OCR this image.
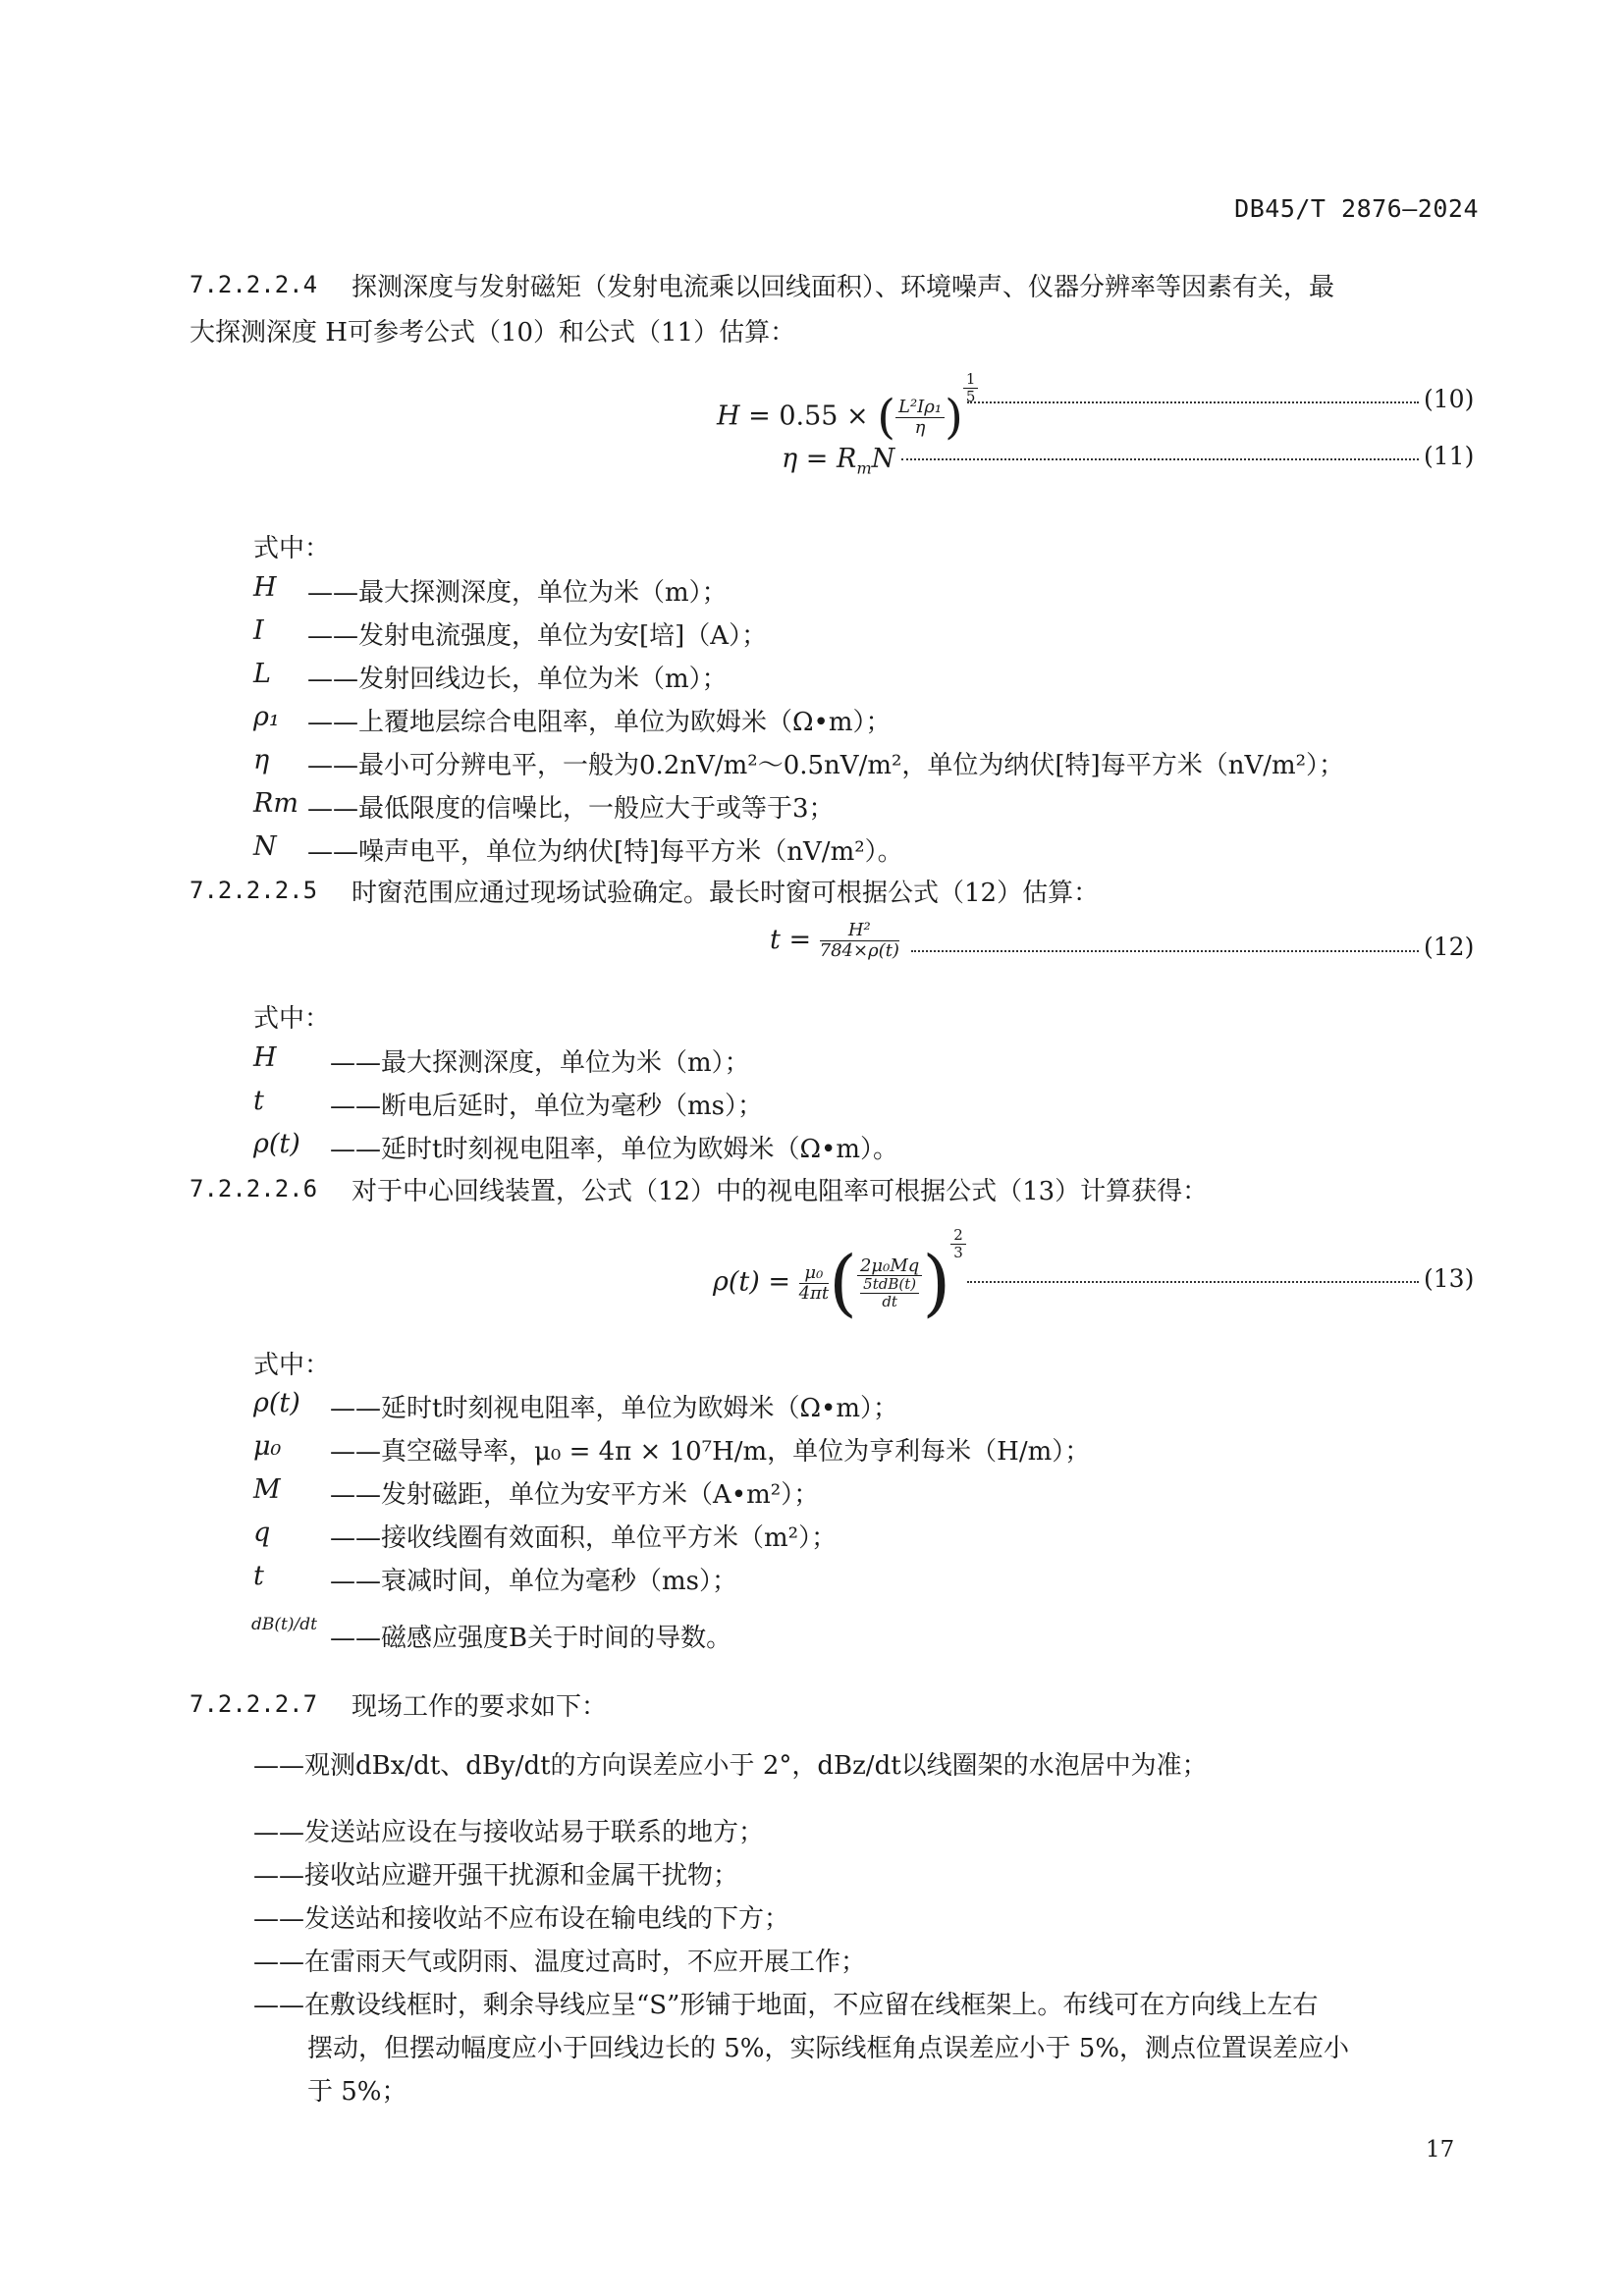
DB45/T 2876—2024
7.2.2.2.4 探测深度与发射磁矩（发射电流乘以回线面积）、环境噪声、仪器分辨率等因素有关，最
大探测深度 H可参考公式（10）和公式（11）估算：
H = 0.55 × ( $\frac{\text{L²Iρ₁}}{\eta}$ )
$\frac{1}{5}$	(10)
$\eta = R_mN$	(11)
式中：
H ——最大探测深度，单位为米（m）；
I ——发射电流强度，单位为安[培]（A）；
L ——发射回线边长，单位为米（m）；
ρ₁ ——上覆地层综合电阻率，单位为欧姆米（Ω•m）；
η ——最小可分辨电平，一般为0.2nV/m²～0.5nV/m²，单位为纳伏[特]每平方米（nV/m²）；
Rm ——最低限度的信噪比，一般应大于或等于3；
N ——噪声电平，单位为纳伏[特]每平方米（nV/m²）。
7.2.2.2.5 时窗范围应通过现场试验确定。最长时窗可根据公式（12）估算：
$t = \frac{\text{H²}}{784\times\rho(t)}$	(12)
式中：
H ——最大探测深度，单位为米（m）；
t	——断电后延时，单位为毫秒（ms）；
ρ(t) ——延时t时刻视电阻率，单位为欧姆米（Ω•m）。
7.2.2.2.6 对于中心回线装置，公式（12）中的视电阻率可根据公式（13）计算获得：
$\rho(t) = \frac{\text{μ₀}}{4\pi t}$ ( $\frac{\text{2μ₀Mq}}{\frac{\text{5tdB(t)}}{dt}}$ ) $\frac{2}{3}$
(13)
式中：
ρ(t) ——延时t时刻视电阻率，单位为欧姆米（Ω•m）；
μ₀ ——真空磁导率，μ₀ = 4π × 10⁷H/m，单位为亨利每米（H/m）；
M ——发射磁距，单位为安平方米（A•m²）；
q ——接收线圈有效面积，单位平方米（m²）；
t	——衰减时间，单位为毫秒（ms）；
dB(t)/dt ——磁感应强度B关于时间的导数。
7.2.2.2.7 现场工作的要求如下：
——观测dBx/dt、dBy/dt的方向误差应小于 2°，dBz/dt以线圈架的水泡居中为准；
——发送站应设在与接收站易于联系的地方；
——接收站应避开强干扰源和金属干扰物；
——发送站和接收站不应布设在输电线的下方；
——在雷雨天气或阴雨、温度过高时，不应开展工作；
——在敷设线框时，剩余导线应呈“S”形铺于地面，不应留在线框架上。布线可在方向线上左右
摆动，但摆动幅度应小于回线边长的 5%，实际线框角点误差应小于 5%，测点位置误差应小
于 5%；
17
